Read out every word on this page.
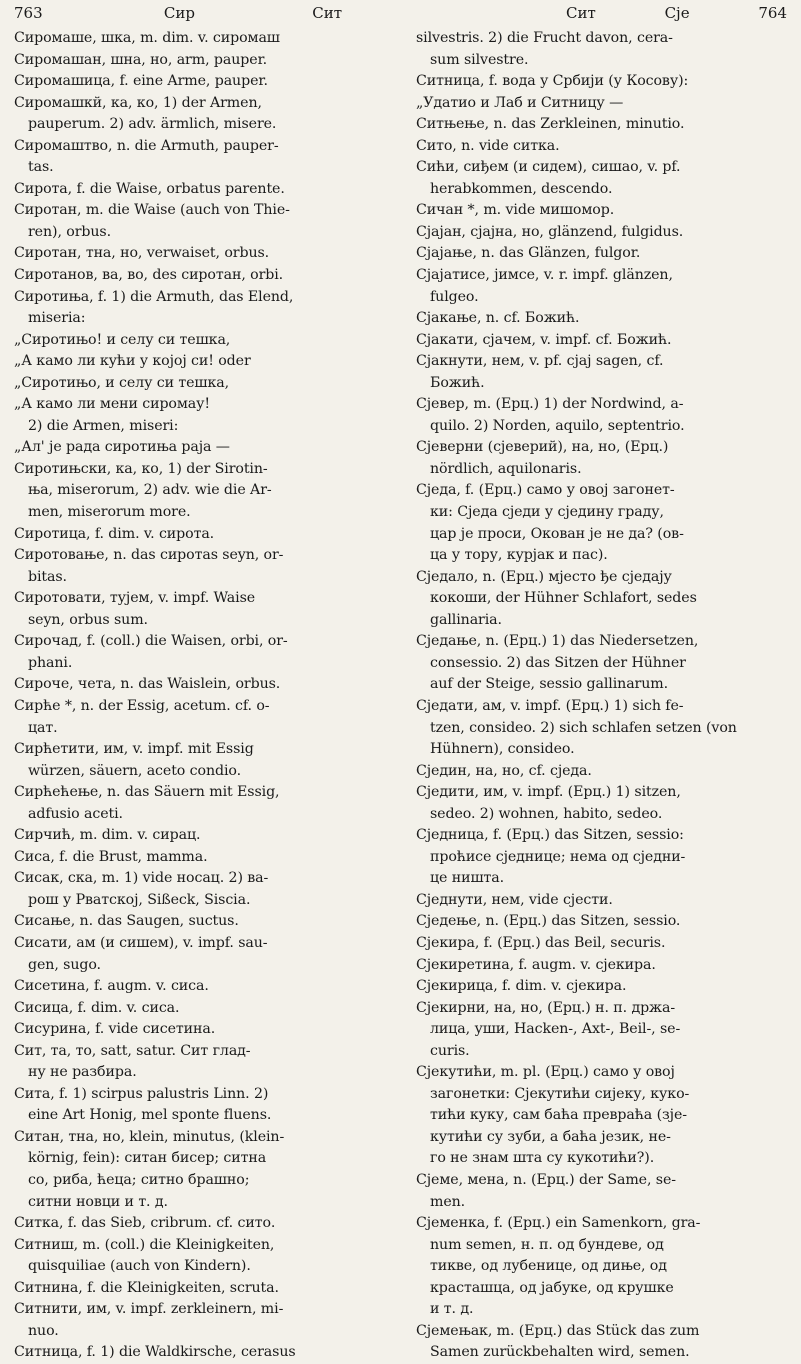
763	Сир	Сит	Сит	Сје	764
Сиромаше, шка, m. dim. v. сиромаш
Сиромашан, шна, но, arm, pauper.
Сиромашица, f. eine Arme, pauper.
Сиромашкй, ка, ко, 1) der Armen,
pauperum. 2) adv. ärmlich, misere.
Сиромаштво, n. die Armuth, pauper-
tas.
Сирота, f. die Waise, orbatus parente.
Сиротан, m. die Waise (auch von Thie-
ren), orbus.
Сиротан, тна, но, verwaiset, orbus.
Сиротанов, ва, во, des сиротан, orbi.
Сиротиња, f. 1) die Armuth, das Elend,
miseria:
„Сиротињо! и селу си тешка,
„А камо ли кући у којој си! oder
„Сиротињо, и селу си тешка,
„А камо ли мени сиромау!
2) die Armen, miseri:
„Ал' је рада сиротиња раја —
Сиротињски, ка, ко, 1) der Sirotin-
ња, miserorum, 2) adv. wie die Ar-
men, miserorum more.
Сиротица, f. dim. v. сирота.
Сиротовање, n. das сиротаs seyn, or-
bitas.
Сиротовати, тујем, v. impf. Waise
seyn, orbus sum.
Сирочад, f. (coll.) die Waisen, orbi, or-
phani.
Сироче, чета, n. das Waislein, orbus.
Сирће *, n. der Essig, acetum. cf. о-
цат.
Сирћетити, им, v. impf. mit Essig
würzen, säuern, aceto condio.
Сирћећење, n. das Säuern mit Essig,
adfusio aceti.
Сирчић, m. dim. v. сирац.
Сиса, f. die Brust, mamma.
Сисак, ска, m. 1) vide носац. 2) ва-
рош у Рватској, Sißeck, Sisciа.
Сисање, n. das Saugen, suctus.
Сисати, ам (и сишем), v. impf. sau-
gen, sugo.
Сисетина, f. augm. v. сиса.
Сисица, f. dim. v. сиса.
Сисурина, f. vide сисетина.
Сит, та, то, satt, satur. Сит глад-
ну не разбира.
Сита, f. 1) scirpus palustris Linn. 2)
eine Art Honig, mel sponte fluens.
Ситан, тна, но, klein, minutus, (klein-
körnig, fein): ситан бисер; ситна
со, риба, ћеца; ситно брашно;
ситни новци и т. д.
Ситка, f. das Sieb, cribrum. cf. сито.
Ситниш, m. (coll.) die Kleinigkeiten,
quisquiliae (auch von Kindern).
Ситнина, f. die Kleinigkeiten, scruta.
Ситнити, им, v. impf. zerkleinern, mi-
nuo.
Ситница, f. 1) die Waldkirsche, cerasus
silvestris. 2) die Frucht davon, cera-
sum silvestre.
Ситница, f. вода у Србији (у Косову):
„Удатио и Лаб и Ситницу —
Ситњење, n. das Zerkleinen, minutio.
Сито, n. vide ситка.
Сићи, сиђем (и сидем), сишао, v. pf.
herabkommen, descendo.
Сичан *, m. vide мишомор.
Сјајан, сјајна, но, glänzend, fulgidus.
Сјајање, n. das Glänzen, fulgor.
Сјајатисе, јимсе, v. r. impf. glänzen,
fulgeo.
Сјакање, n. cf. Божић.
Сјакати, сјачем, v. impf. cf. Божић.
Сјакнути, нем, v. pf. cјај sagen, cf.
Божић.
Сјевер, m. (Ерц.) 1) der Nordwind, a-
quilo. 2) Norden, aquilo, septentrio.
Сјеверни (сјеверий), на, но, (Ерц.)
nördlich, aquilonaris.
Сједа, f. (Ерц.) само у овој загонет-
ки: Сједа сједи у сједину граду,
цар је проси, Окован је не да? (ов-
ца у тору, курјак и пас).
Сједало, n. (Ерц.) мјесто ђе сједају
кокоши, der Hühner Schlafort, sedes
gallinaria.
Сједање, n. (Ерц.) 1) das Niedersetzen,
consessio. 2) das Sitzen der Hühner
auf der Steige, sessio gallinarum.
Сједати, ам, v. impf. (Ерц.) 1) sich fe-
tzen, consideo. 2) sich schlafen setzen (von
Hühnern), consideo.
Сједин, на, но, cf. сједа.
Сједити, им, v. impf. (Ерц.) 1) sitzen,
sedeo. 2) wohnen, habito, sedeo.
Сједница, f. (Ерц.) das Sitzen, sessio:
проћисе сједнице; нема од сједни-
це ништа.
Сједнути, нем, vide сјести.
Сједење, n. (Ерц.) das Sitzen, sessio.
Сјекира, f. (Ерц.) das Beil, securis.
Сјекиретина, f. augm. v. сјекира.
Сјекирица, f. dim. v. сјекира.
Сјекирни, на, но, (Ерц.) н. п. држа-
лица, уши, Hacken-, Axt-, Beil-, se-
curis.
Сјекутићи, m. pl. (Ерц.) само у овој
загонетки: Сјекутићи сијеку, куко-
тићи куку, сам баћа превраћа (зје-
кутићи су зуби, а баћа језик, не-
го не знам шта су кукотићи?).
Сјеме, мена, n. (Ерц.) der Same, se-
men.
Сјеменка, f. (Ерц.) ein Samenkorn, gra-
num semen, н. п. од бундеве, од
тикве, од лубенице, од диње, од
красташца, од јабуке, од крушке
и т. д.
Сјемењак, m. (Ерц.) das Stück das zum
Samen zurückbehalten wird, semen.
